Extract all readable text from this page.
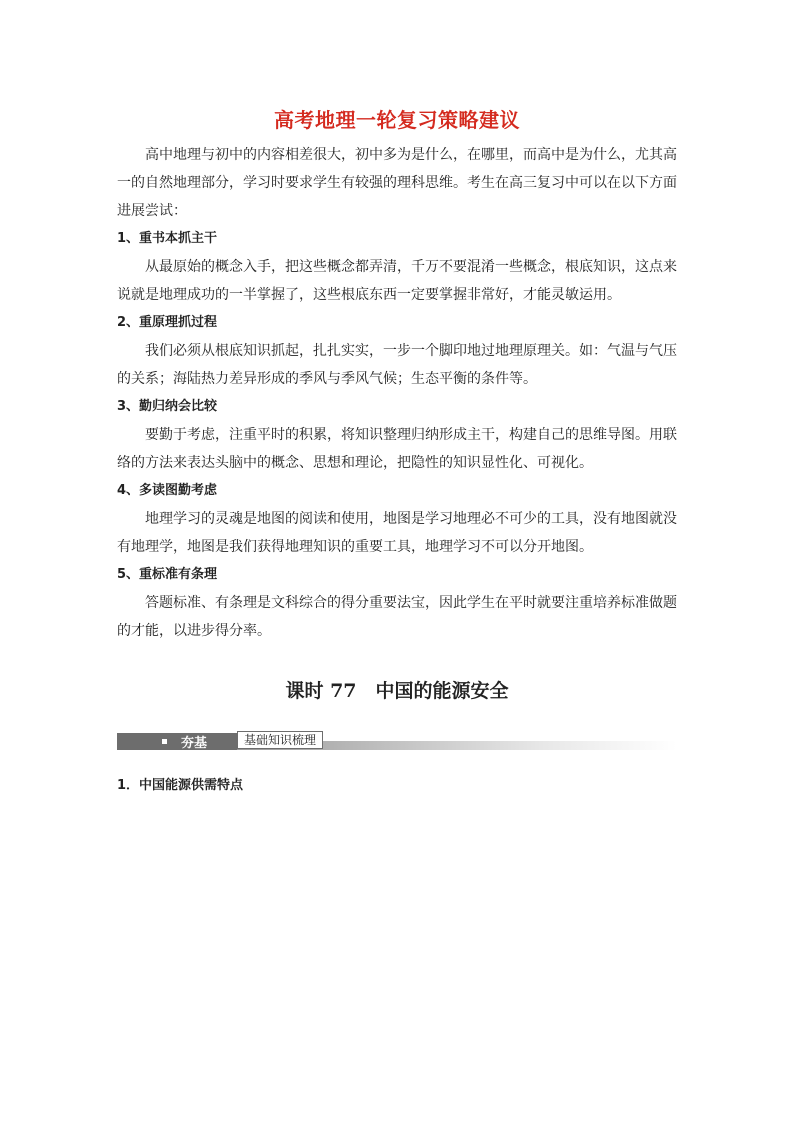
高考地理一轮复习策略建议

高中地理与初中的内容相差很大，初中多为是什么，在哪里，而高中是为什么，尤其高一的自然地理部分，学习时要求学生有较强的理科思维。考生在高三复习中可以在以下方面进展尝试：

1、重书本抓主干

从最原始的概念入手，把这些概念都弄清，千万不要混淆一些概念，根底知识，这点来说就是地理成功的一半掌握了，这些根底东西一定要掌握非常好，才能灵敏运用。

2、重原理抓过程

我们必须从根底知识抓起，扎扎实实，一步一个脚印地过地理原理关。如：气温与气压的关系；海陆热力差异形成的季风与季风气候；生态平衡的条件等。

3、勤归纳会比较

要勤于考虑，注重平时的积累，将知识整理归纳形成主干，构建自己的思维导图。用联络的方法来表达头脑中的概念、思想和理论，把隐性的知识显性化、可视化。

4、多读图勤考虑

地理学习的灵魂是地图的阅读和使用，地图是学习地理必不可少的工具，没有地图就没有地理学，地图是我们获得地理知识的重要工具，地理学习不可以分开地图。

5、重标准有条理

答题标准、有条理是文科综合的得分重要法宝，因此学生在平时就要注重培养标准做题的才能，以进步得分率。

课时 77　中国的能源安全
夯基	基础知识梳理
1．中国能源供需特点
